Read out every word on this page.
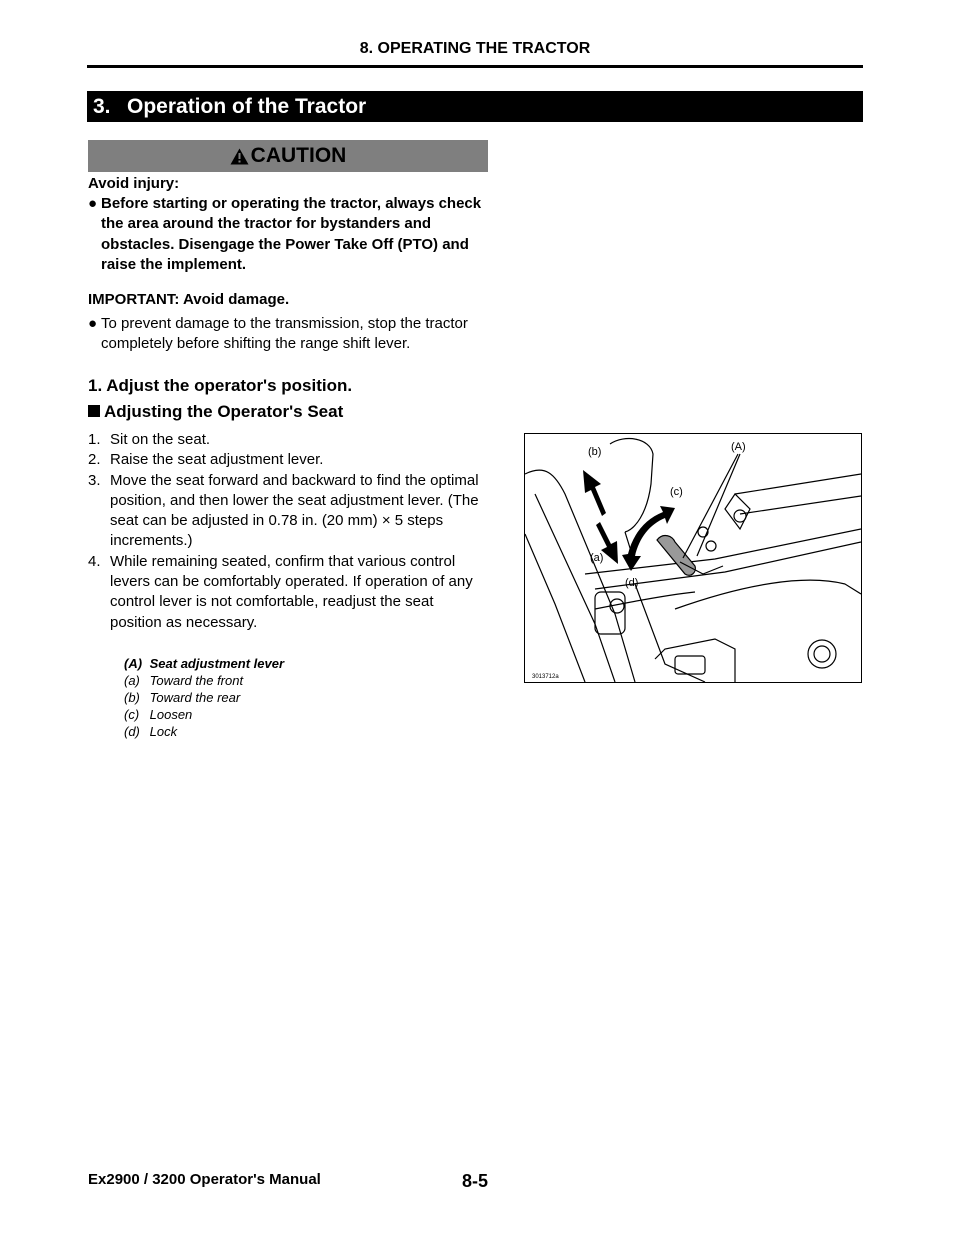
8. OPERATING THE TRACTOR
3. Operation of the Tractor
CAUTION
Avoid injury:
● Before starting or operating the tractor, always check the area around the tractor for bystanders and obstacles. Disengage the Power Take Off (PTO) and raise the implement.
IMPORTANT: Avoid damage.
● To prevent damage to the transmission, stop the tractor completely before shifting the range shift lever.
1. Adjust the operator's position.
Adjusting the Operator's Seat
1. Sit on the seat.
2. Raise the seat adjustment lever.
3. Move the seat forward and backward to find the optimal position, and then lower the seat adjustment lever. (The seat can be adjusted in 0.78 in. (20 mm) × 5 steps increments.)
4. While remaining seated, confirm that various control levers can be comfortably operated. If operation of any control lever is not comfortable, readjust the seat position as necessary.
(A) Seat adjustment lever
(a) Toward the front
(b) Toward the rear
(c) Loosen
(d) Lock
(b)	(A)
(c)
(a)
(d)
3013712a
Ex2900 / 3200 Operator's Manual	8-5
